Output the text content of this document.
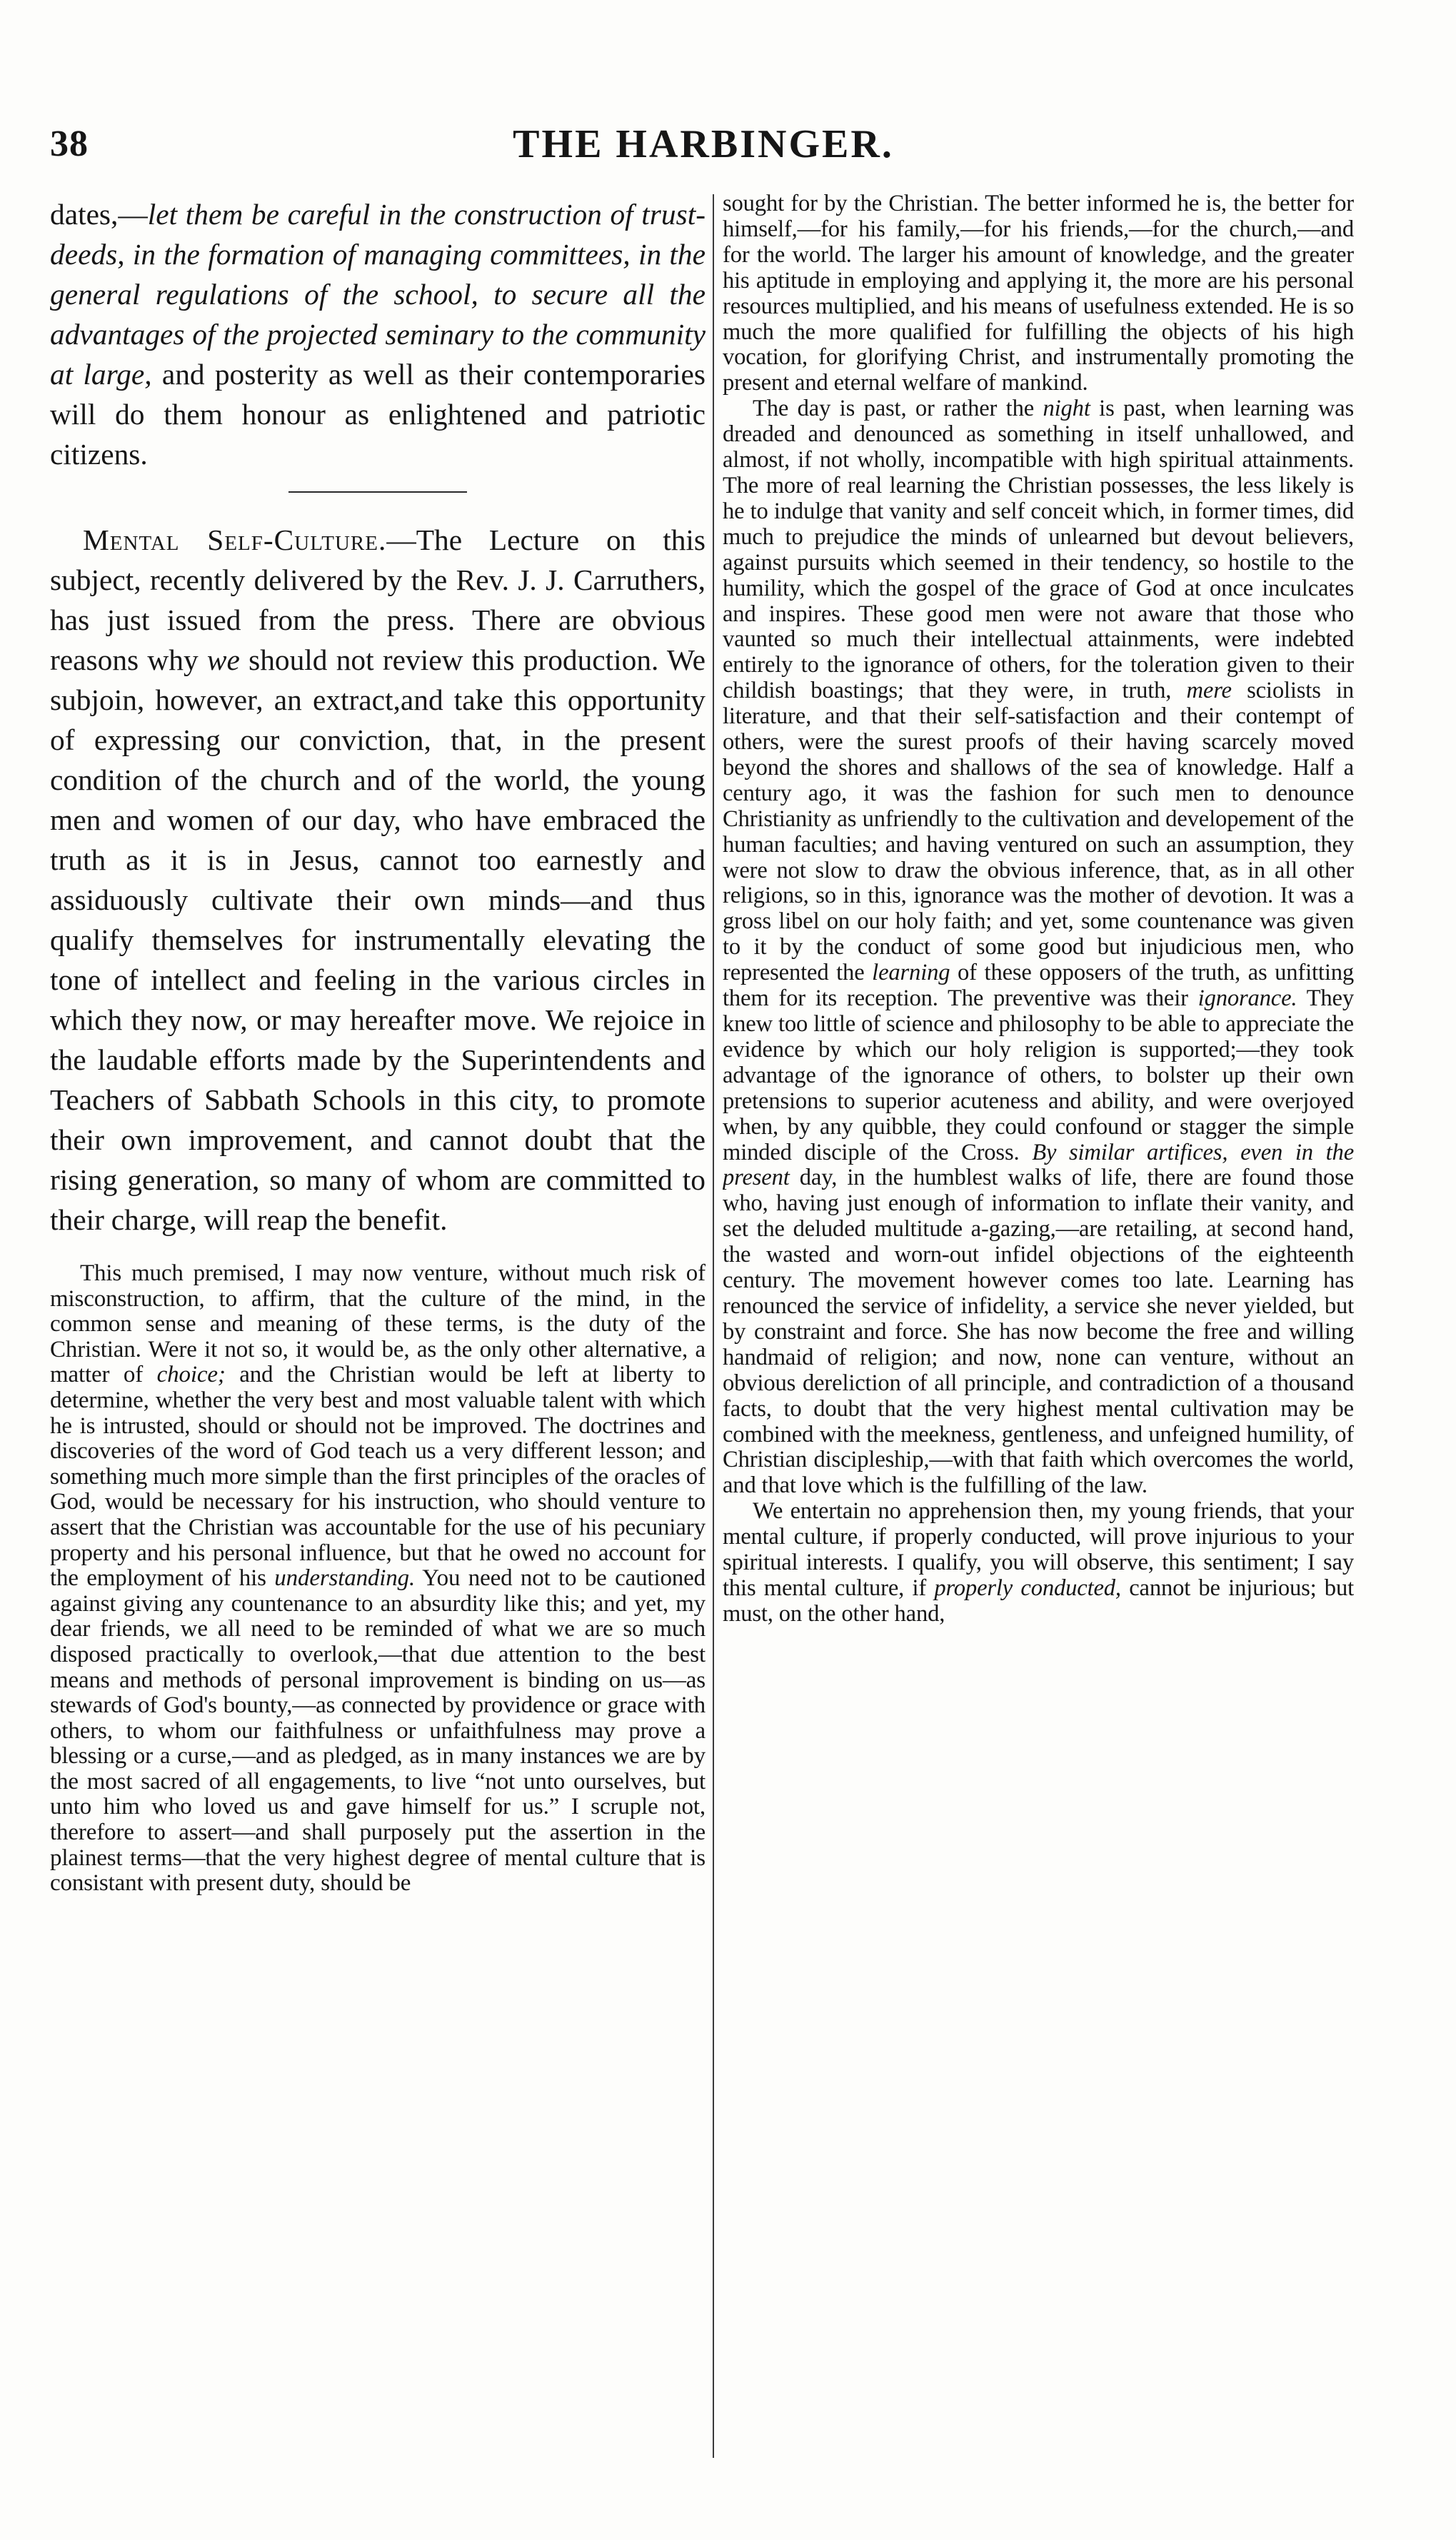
38	THE HARBINGER.

dates,—let them be careful in the construction of trust-deeds, in the formation of managing committees, in the general regulations of the school, to secure all the advantages of the projected seminary to the community at large, and posterity as well as their contemporaries will do them honour as enlightened and patriotic citizens.

Mental Self-Culture.—The Lecture on this subject, recently delivered by the Rev. J. J. Carruthers, has just issued from the press. There are obvious reasons why we should not review this production. We subjoin, however, an extract,and take this opportunity of expressing our conviction, that, in the present condition of the church and of the world, the young men and women of our day, who have embraced the truth as it is in Jesus, cannot too earnestly and assiduously cultivate their own minds—and thus qualify themselves for instrumentally elevating the tone of intellect and feeling in the various circles in which they now, or may hereafter move. We rejoice in the laudable efforts made by the Superintendents and Teachers of Sabbath Schools in this city, to promote their own improvement, and cannot doubt that the rising generation, so many of whom are committed to their charge, will reap the benefit.

This much premised, I may now venture, without much risk of misconstruction, to affirm, that the culture of the mind, in the common sense and meaning of these terms, is the duty of the Christian. Were it not so, it would be, as the only other alternative, a matter of choice; and the Christian would be left at liberty to determine, whether the very best and most valuable talent with which he is intrusted, should or should not be improved. The doctrines and discoveries of the word of God teach us a very different lesson; and something much more simple than the first principles of the oracles of God, would be necessary for his instruction, who should venture to assert that the Christian was accountable for the use of his pecuniary property and his personal influence, but that he owed no account for the employment of his understanding. You need not to be cautioned against giving any countenance to an absurdity like this; and yet, my dear friends, we all need to be reminded of what we are so much disposed practically to overlook,—that due attention to the best means and methods of personal improvement is binding on us—as stewards of God's bounty,—as connected by providence or grace with others, to whom our faithfulness or unfaithfulness may prove a blessing or a curse,—and as pledged, as in many instances we are by the most sacred of all engagements, to live “not unto ourselves, but unto him who loved us and gave himself for us.” I scruple not, therefore to assert—and shall purposely put the assertion in the plainest terms—that the very highest degree of mental culture that is consistant with present duty, should be

sought for by the Christian. The better informed he is, the better for himself,—for his family,—for his friends,—for the church,—and for the world. The larger his amount of knowledge, and the greater his aptitude in employing and applying it, the more are his personal resources multiplied, and his means of usefulness extended. He is so much the more qualified for fulfilling the objects of his high vocation, for glorifying Christ, and instrumentally promoting the present and eternal welfare of mankind.

The day is past, or rather the night is past, when learning was dreaded and denounced as something in itself unhallowed, and almost, if not wholly, incompatible with high spiritual attainments. The more of real learning the Christian possesses, the less likely is he to indulge that vanity and self conceit which, in former times, did much to prejudice the minds of unlearned but devout believers, against pursuits which seemed in their tendency, so hostile to the humility, which the gospel of the grace of God at once inculcates and inspires. These good men were not aware that those who vaunted so much their intellectual attainments, were indebted entirely to the ignorance of others, for the toleration given to their childish boastings; that they were, in truth, mere sciolists in literature, and that their self-satisfaction and their contempt of others, were the surest proofs of their having scarcely moved beyond the shores and shallows of the sea of knowledge. Half a century ago, it was the fashion for such men to denounce Christianity as unfriendly to the cultivation and developement of the human faculties; and having ventured on such an assumption, they were not slow to draw the obvious inference, that, as in all other religions, so in this, ignorance was the mother of devotion. It was a gross libel on our holy faith; and yet, some countenance was given to it by the conduct of some good but injudicious men, who represented the learning of these opposers of the truth, as unfitting them for its reception. The preventive was their ignorance. They knew too little of science and philosophy to be able to appreciate the evidence by which our holy religion is supported;—they took advantage of the ignorance of others, to bolster up their own pretensions to superior acuteness and ability, and were overjoyed when, by any quibble, they could confound or stagger the simple minded disciple of the Cross. By similar artifices, even in the present day, in the humblest walks of life, there are found those who, having just enough of information to inflate their vanity, and set the deluded multitude a-gazing,—are retailing, at second hand, the wasted and worn-out infidel objections of the eighteenth century. The movement however comes too late. Learning has renounced the service of infidelity, a service she never yielded, but by constraint and force. She has now become the free and willing handmaid of religion; and now, none can venture, without an obvious dereliction of all principle, and contradiction of a thousand facts, to doubt that the very highest mental cultivation may be combined with the meekness, gentleness, and unfeigned humility, of Christian discipleship,—with that faith which overcomes the world, and that love which is the fulfilling of the law.

We entertain no apprehension then, my young friends, that your mental culture, if properly conducted, will prove injurious to your spiritual interests. I qualify, you will observe, this sentiment; I say this mental culture, if properly conducted, cannot be injurious; but must, on the other hand,
